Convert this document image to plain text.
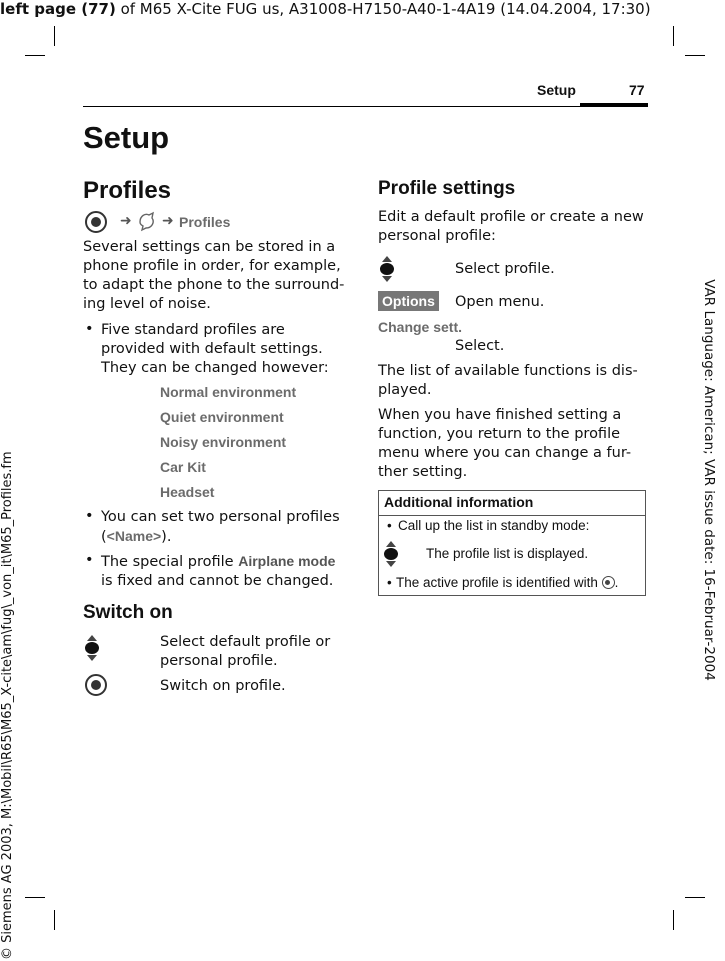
left page (77) of M65 X-Cite FUG us, A31008-H7150-A40-1-4A19 (14.04.2004, 17:30)
VAR Language: American; VAR issue date: 16-Februar-2004
© Siemens AG 2003, M:\Mobil\R65\M65_X-cite\am\fug\_von_it\M65_Profiles.fm
Setup	77
Setup
Profiles
➜ ➜ Profiles
Several settings can be stored in a phone profile in order, for example, to adapt the phone to the surround-ing level of noise.
• Five standard profiles are provided with default settings. They can be changed however:
Normal environment
Quiet environment
Noisy environment
Car Kit
Headset
• You can set two personal profiles (<Name>).
• The special profile Airplane mode is fixed and cannot be changed.
Switch on
Select default profile or personal profile.
Switch on profile.
Profile settings
Edit a default profile or create a new personal profile:
Select profile.
Options Open menu.
Change sett.
Select.
The list of available functions is dis-played.
When you have finished setting a function, you return to the profile menu where you can change a fur-ther setting.
Additional information
• Call up the list in standby mode:
The profile list is displayed.
• The active profile is identified with .
